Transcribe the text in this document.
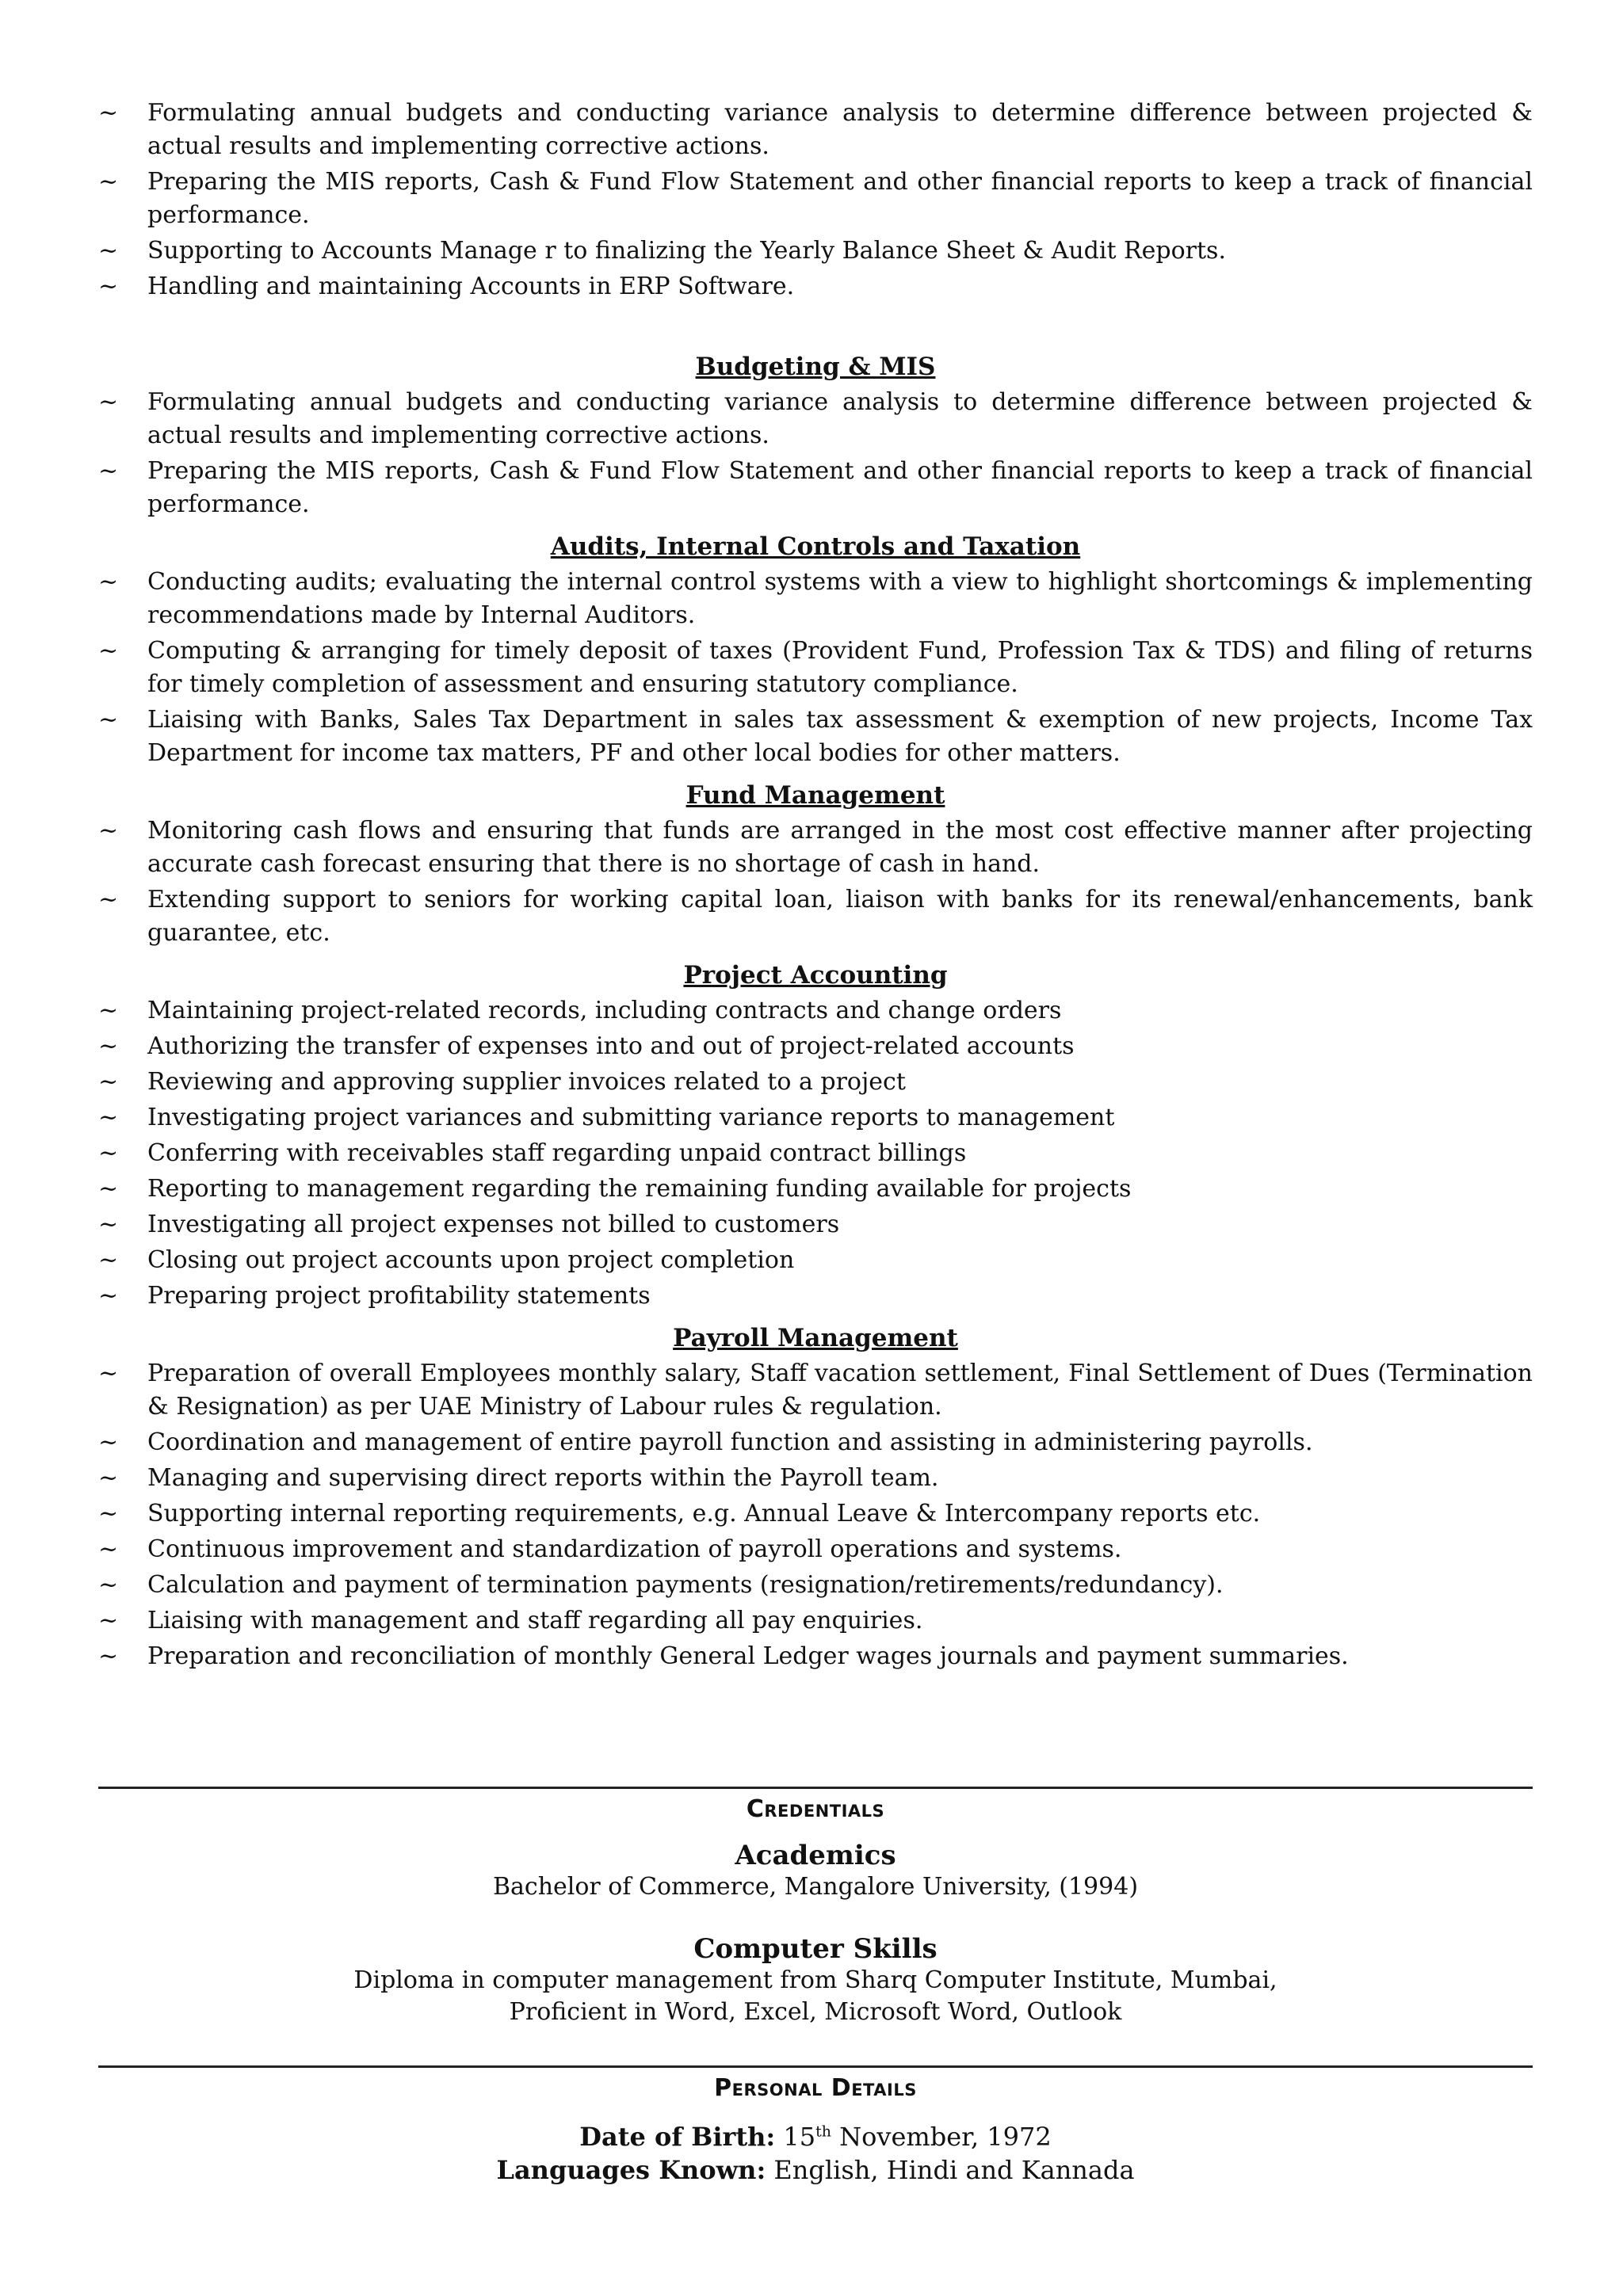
~ Formulating annual budgets and conducting variance analysis to determine difference between projected & actual results and implementing corrective actions.
~ Preparing the MIS reports, Cash & Fund Flow Statement and other financial reports to keep a track of financial performance.
~ Supporting to Accounts Manage r to finalizing the Yearly Balance Sheet & Audit Reports.
~ Handling and maintaining Accounts in ERP Software.
Budgeting & MIS
~ Formulating annual budgets and conducting variance analysis to determine difference between projected & actual results and implementing corrective actions.
~ Preparing the MIS reports, Cash & Fund Flow Statement and other financial reports to keep a track of financial performance.
Audits, Internal Controls and Taxation
~ Conducting audits; evaluating the internal control systems with a view to highlight shortcomings & implementing recommendations made by Internal Auditors.
~ Computing & arranging for timely deposit of taxes (Provident Fund, Profession Tax & TDS) and filing of returns for timely completion of assessment and ensuring statutory compliance.
~ Liaising with Banks, Sales Tax Department in sales tax assessment & exemption of new projects, Income Tax Department for income tax matters, PF and other local bodies for other matters.
Fund Management
~ Monitoring cash flows and ensuring that funds are arranged in the most cost effective manner after projecting accurate cash forecast ensuring that there is no shortage of cash in hand.
~ Extending support to seniors for working capital loan, liaison with banks for its renewal/enhancements, bank guarantee, etc.
Project Accounting
~ Maintaining project-related records, including contracts and change orders
~ Authorizing the transfer of expenses into and out of project-related accounts
~ Reviewing and approving supplier invoices related to a project
~ Investigating project variances and submitting variance reports to management
~ Conferring with receivables staff regarding unpaid contract billings
~ Reporting to management regarding the remaining funding available for projects
~ Investigating all project expenses not billed to customers
~ Closing out project accounts upon project completion
~ Preparing project profitability statements
Payroll Management
~ Preparation of overall Employees monthly salary, Staff vacation settlement, Final Settlement of Dues (Termination & Resignation) as per UAE Ministry of Labour rules & regulation.
~ Coordination and management of entire payroll function and assisting in administering payrolls.
~ Managing and supervising direct reports within the Payroll team.
~ Supporting internal reporting requirements, e.g. Annual Leave & Intercompany reports etc.
~ Continuous improvement and standardization of payroll operations and systems.
~ Calculation and payment of termination payments (resignation/retirements/redundancy).
~ Liaising with management and staff regarding all pay enquiries.
~ Preparation and reconciliation of monthly General Ledger wages journals and payment summaries.
Credentials
Academics
Bachelor of Commerce, Mangalore University, (1994)
Computer Skills
Diploma in computer management from Sharq Computer Institute, Mumbai,
Proficient in Word, Excel, Microsoft Word, Outlook
Personal Details
Date of Birth: 15th November, 1972
Languages Known: English, Hindi and Kannada
